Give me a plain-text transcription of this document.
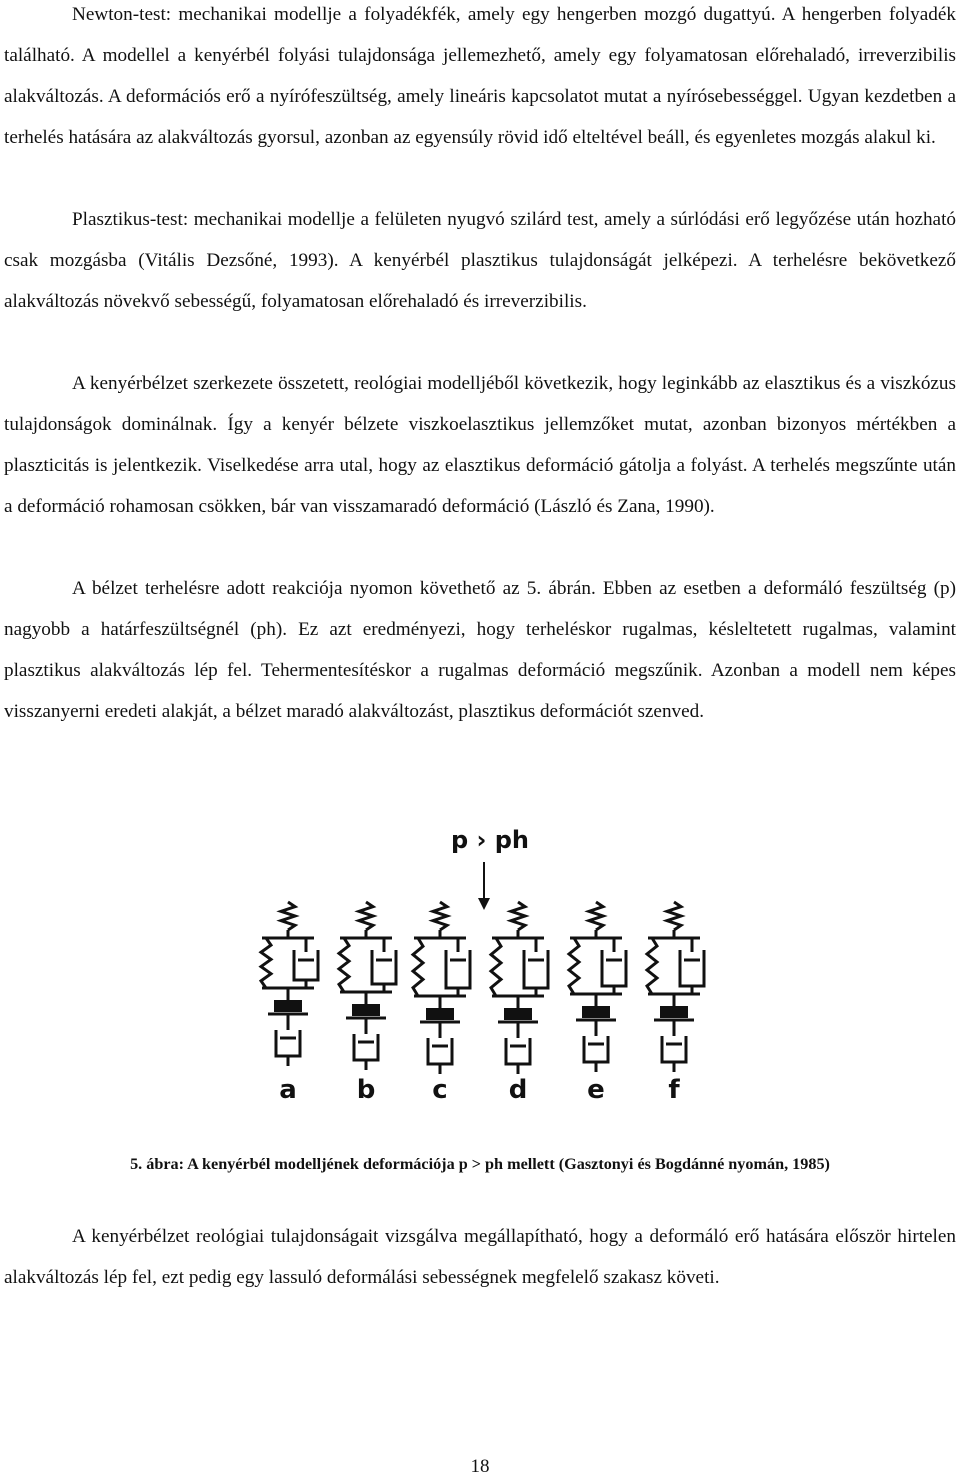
Newton-test: mechanikai modellje a folyadékfék, amely egy hengerben mozgó dugattyú. A hengerben folyadék található. A modellel a kenyérbél folyási tulajdonsága jellemezhető, amely egy folyamatosan előrehaladó, irreverzibilis alakváltozás. A deformációs erő a nyírófeszültség, amely lineáris kapcsolatot mutat a nyírósebességgel. Ugyan kezdetben a terhelés hatására az alakváltozás gyorsul, azonban az egyensúly rövid idő elteltével beáll, és egyenletes mozgás alakul ki.

Plasztikus-test: mechanikai modellje a felületen nyugvó szilárd test, amely a súrlódási erő legyőzése után hozható csak mozgásba (Vitális Dezsőné, 1993). A kenyérbél plasztikus tulajdonságát jelképezi. A terhelésre bekövetkező alakváltozás növekvő sebességű, folyamatosan előrehaladó és irreverzibilis.

A kenyérbélzet szerkezete összetett, reológiai modelljéből következik, hogy leginkább az elasztikus és a viszkózus tulajdonságok dominálnak. Így a kenyér bélzete viszkoelasztikus jellemzőket mutat, azonban bizonyos mértékben a plaszticitás is jelentkezik. Viselkedése arra utal, hogy az elasztikus deformáció gátolja a folyást. A terhelés megszűnte után a deformáció rohamosan csökken, bár van visszamaradó deformáció (László és Zana, 1990).

A bélzet terhelésre adott reakciója nyomon követhető az 5. ábrán. Ebben az esetben a deformáló feszültség (p) nagyobb a határfeszültségnél (ph). Ez azt eredményezi, hogy terheléskor rugalmas, késleltetett rugalmas, valamint plasztikus alakváltozás lép fel. Tehermentesítéskor a rugalmas deformáció megszűnik. Azonban a modell nem képes visszanyerni eredeti alakját, a bélzet maradó alakváltozást, plasztikus deformációt szenved.

p › ph
a b c d e f

5. ábra: A kenyérbél modelljének deformációja p > ph mellett (Gasztonyi és Bogdánné nyomán, 1985)

A kenyérbélzet reológiai tulajdonságait vizsgálva megállapítható, hogy a deformáló erő hatására először hirtelen alakváltozás lép fel, ezt pedig egy lassuló deformálási sebességnek megfelelő szakasz követi.

18
